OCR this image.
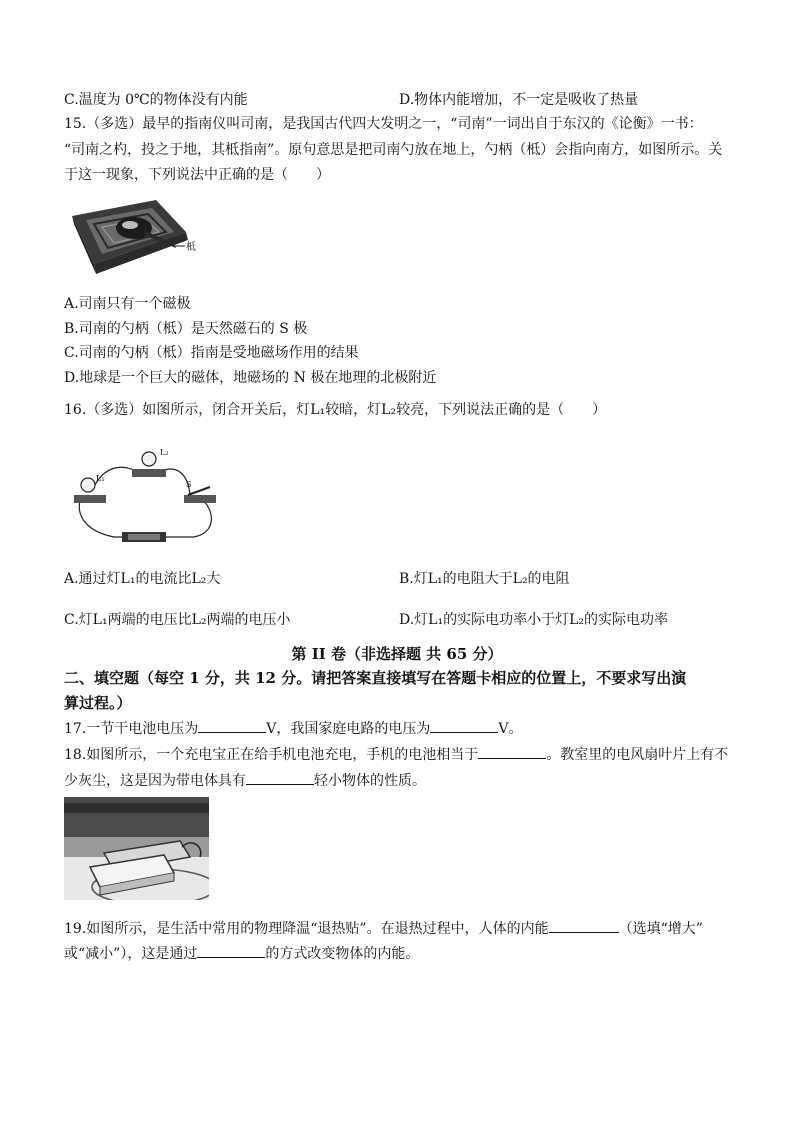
C.温度为 0℃的物体没有内能	D.物体内能增加，不一定是吸收了热量
15.（多选）最早的指南仪叫司南，是我国古代四大发明之一，“司南”一词出自于东汉的《论衡》一书：
“司南之杓，投之于地，其柢指南”。原句意思是把司南勺放在地上，勺柄（柢）会指向南方，如图所示。关
于这一现象，下列说法中正确的是（　　）
柢
A.司南只有一个磁极
B.司南的勺柄（柢）是天然磁石的 S 极
C.司南的勺柄（柢）指南是受地磁场作用的结果
D.地球是一个巨大的磁体，地磁场的 N 极在地理的北极附近
16.（多选）如图所示，闭合开关后，灯L₁较暗，灯L₂较亮，下列说法正确的是（　　）
L₂
L₁
S
A.通过灯L₁的电流比L₂大	B.灯L₁的电阻大于L₂的电阻
C.灯L₁两端的电压比L₂两端的电压小	D.灯L₁的实际电功率小于灯L₂的实际电功率
第 II 卷（非选择题 共 65 分）
二、填空题（每空 1 分，共 12 分。请把答案直接填写在答题卡相应的位置上，不要求写出演
算过程。）
17.一节干电池电压为	V，我国家庭电路的电压为	V。
18.如图所示，一个充电宝正在给手机电池充电，手机的电池相当于	。教室里的电风扇叶片上有不
少灰尘，这是因为带电体具有	轻小物体的性质。
19.如图所示，是生活中常用的物理降温“退热贴”。在退热过程中，人体的内能	（选填“增大”
或“减小”），这是通过	的方式改变物体的内能。
